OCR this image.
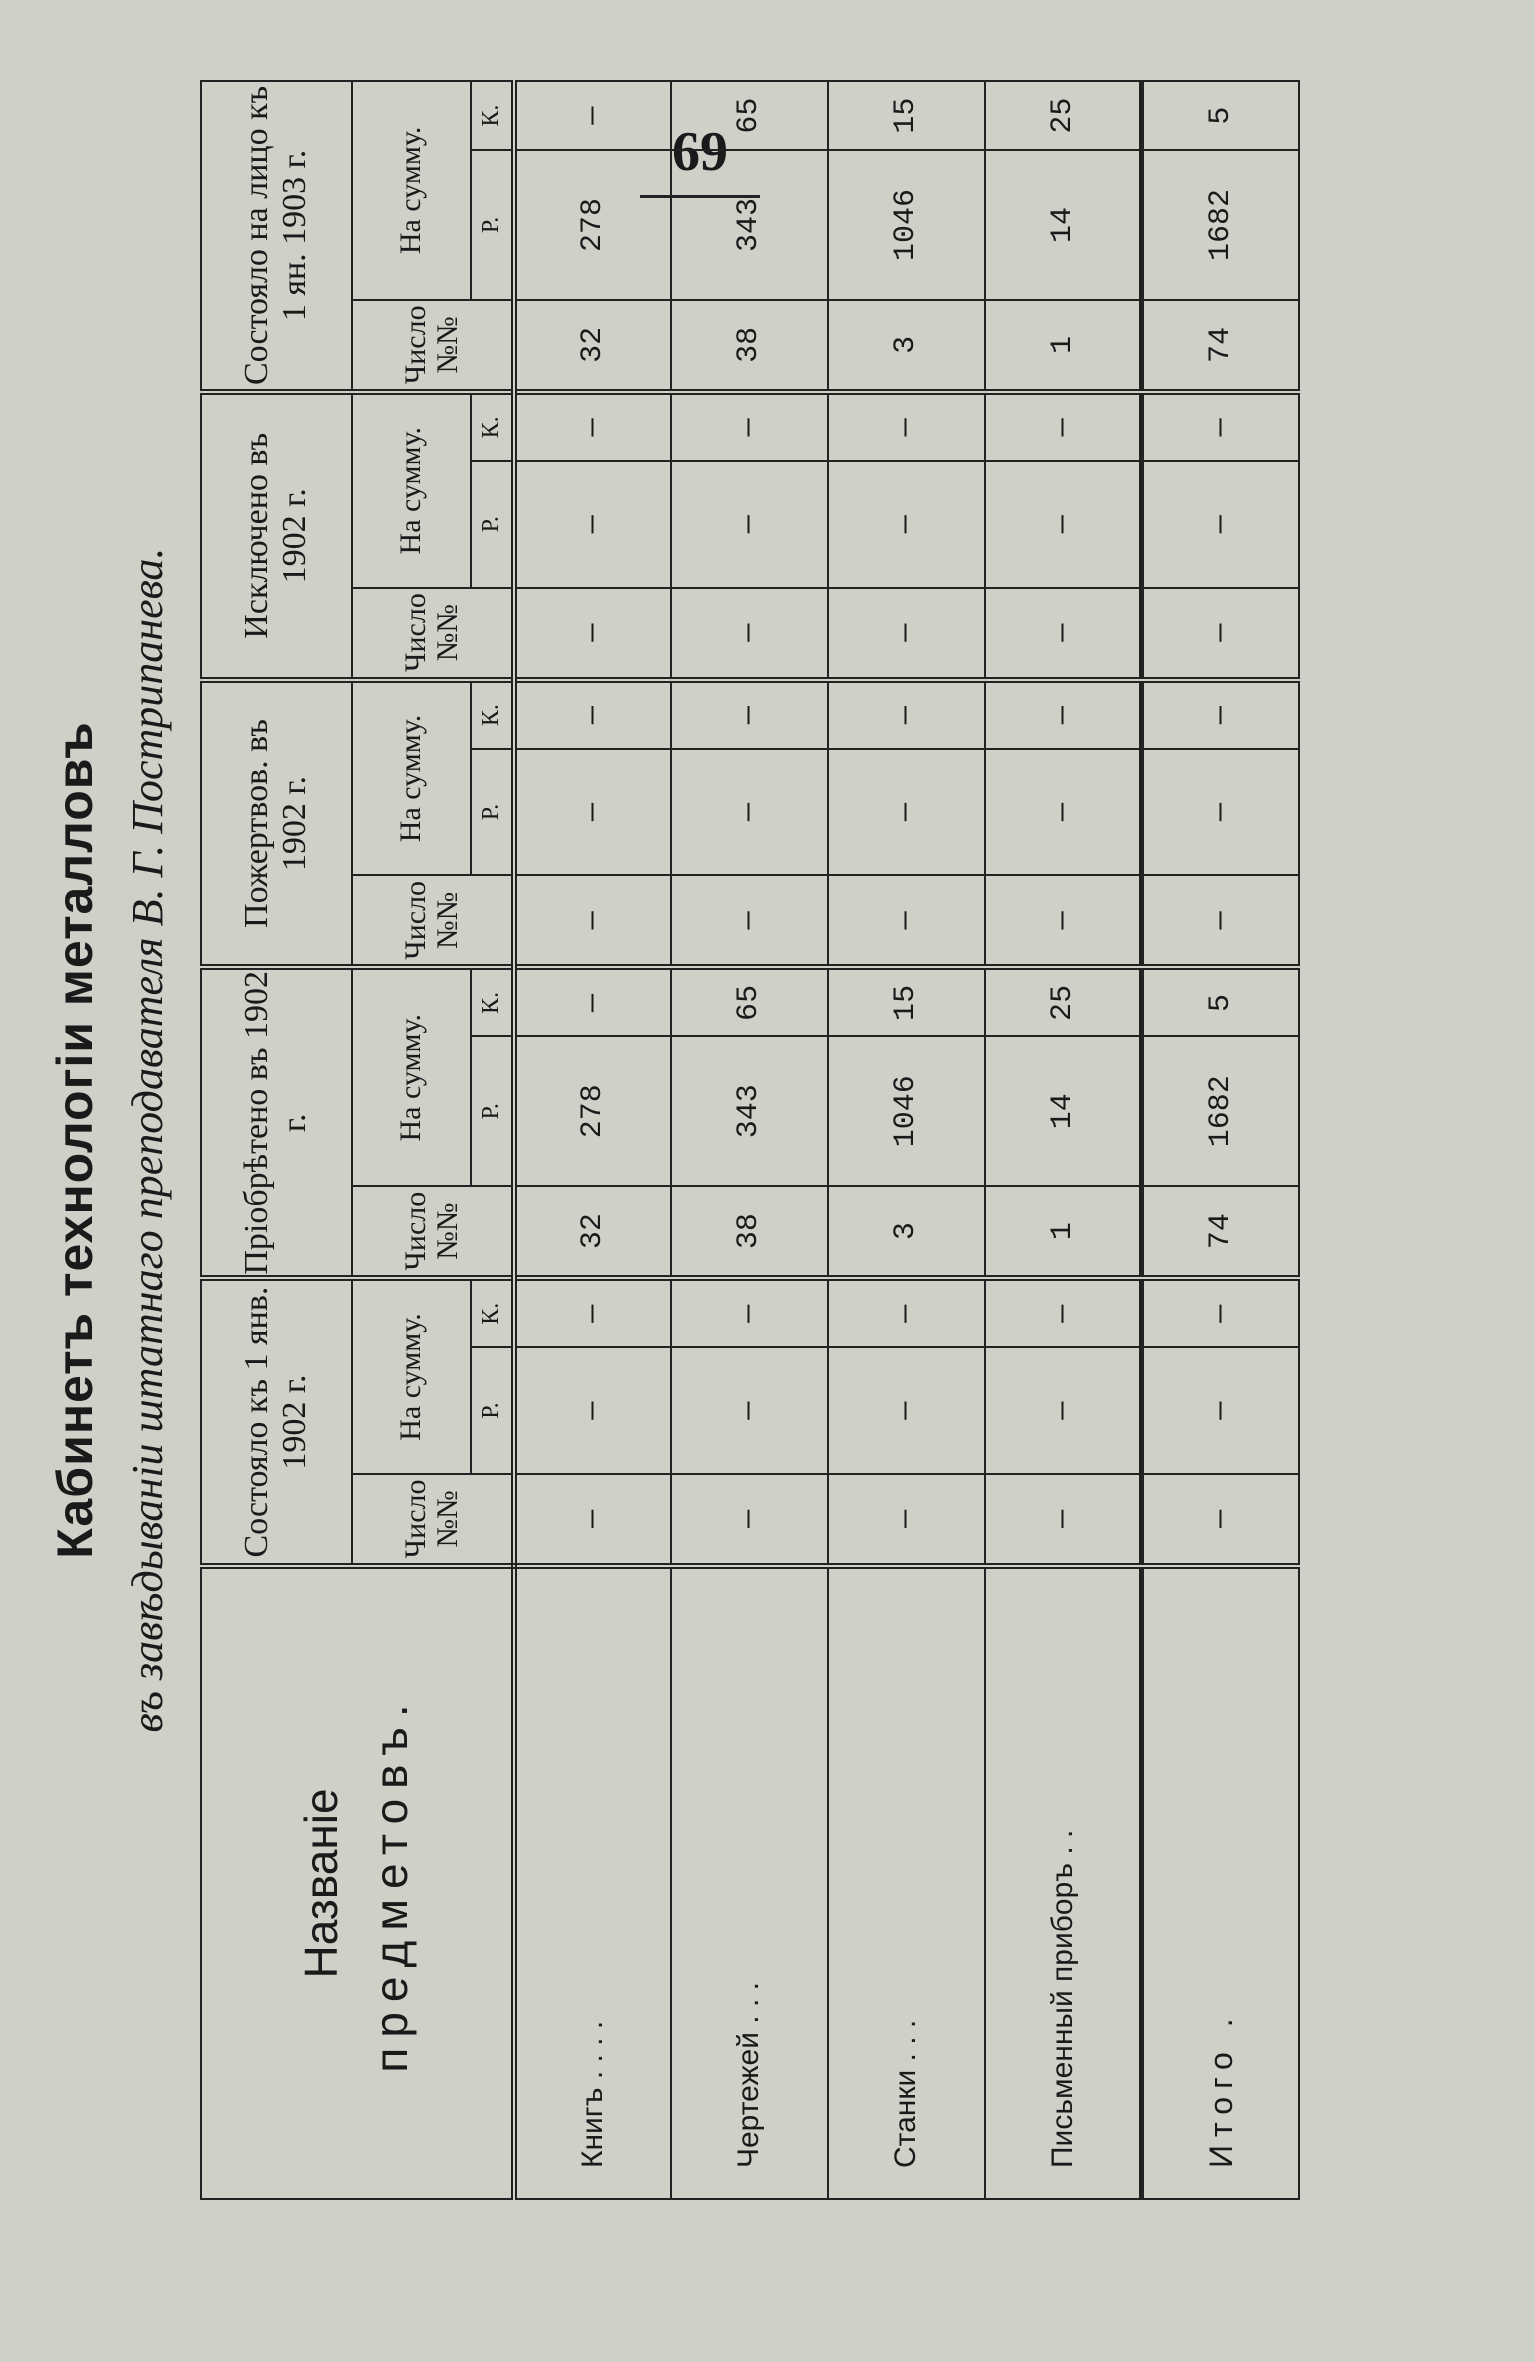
69
Кабинетъ технологіи металловъ въ завѣдываніи штатнаго преподавателя В. Г. Пострипанева.
Названіе предметовъ.	Состояло къ 1 янв. 1902 г.			Пріобрѣтено въ 1902 г.			Пожертвов. въ 1902 г.			Исключено въ 1902 г.			Состояло на лицо къ 1 ян. 1903 г.		
	Число №№	На сумму.		Число №№	На сумму.		Число №№	На сумму.		Число №№	На сумму.		Число №№	На сумму.	
		Р.	К.		Р.	К.		Р.	К.		Р.	К.		Р.	К.
Книгъ . . . .	—	—	—	32	278	—	—	—	—	—	—	—	32	278	—
Чертежей . . .	—	—	—	38	343	65	—	—	—	—	—	—	38	343	65
Станки . . .	—	—	—	3	1046	15	—	—	—	—	—	—	3	1046	15
Письменный приборъ . .	—	—	—	1	14	25	—	—	—	—	—	—	1	14	25
Итого .	—	—	—	74	1682	5	—	—	—	—	—	—	74	1682	5
